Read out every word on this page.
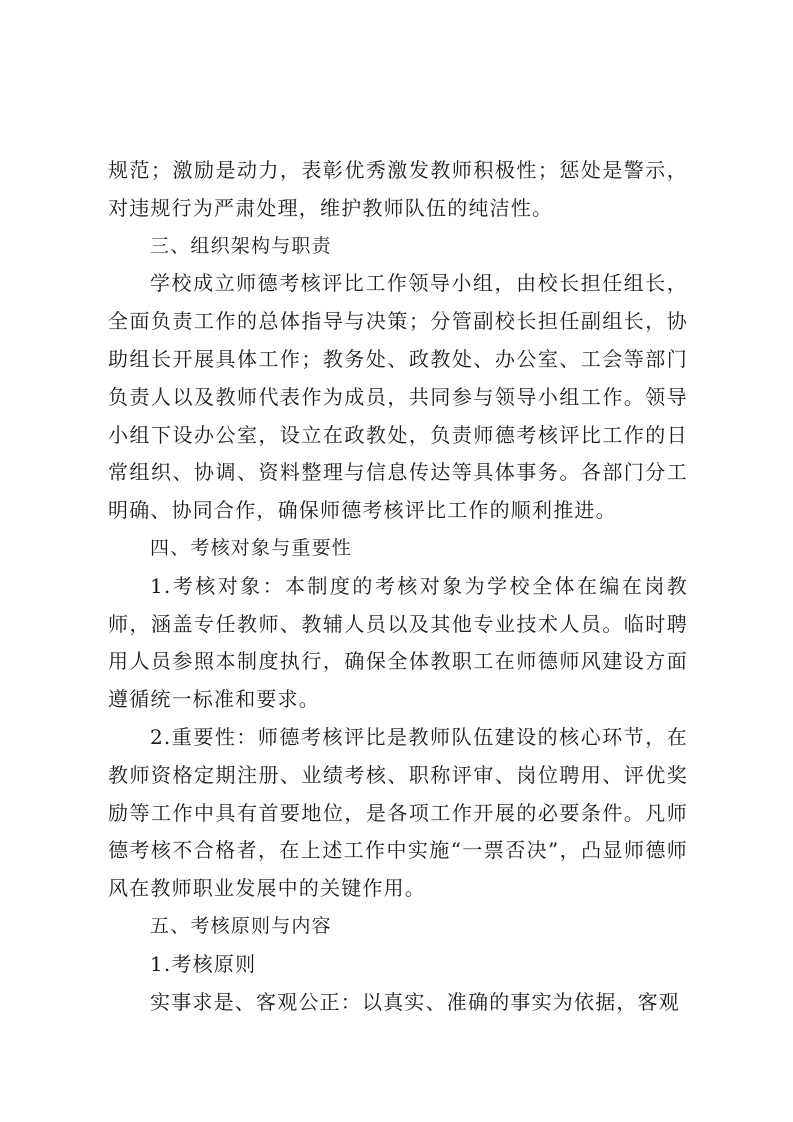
规范；激励是动力，表彰优秀激发教师积极性；惩处是警示，对违规行为严肃处理，维护教师队伍的纯洁性。

三、组织架构与职责

学校成立师德考核评比工作领导小组，由校长担任组长，全面负责工作的总体指导与决策；分管副校长担任副组长，协助组长开展具体工作；教务处、政教处、办公室、工会等部门负责人以及教师代表作为成员，共同参与领导小组工作。领导小组下设办公室，设立在政教处，负责师德考核评比工作的日常组织、协调、资料整理与信息传达等具体事务。各部门分工明确、协同合作，确保师德考核评比工作的顺利推进。

四、考核对象与重要性

1.考核对象：本制度的考核对象为学校全体在编在岗教师，涵盖专任教师、教辅人员以及其他专业技术人员。临时聘用人员参照本制度执行，确保全体教职工在师德师风建设方面遵循统一标准和要求。

2.重要性：师德考核评比是教师队伍建设的核心环节，在教师资格定期注册、业绩考核、职称评审、岗位聘用、评优奖励等工作中具有首要地位，是各项工作开展的必要条件。凡师德考核不合格者，在上述工作中实施“一票否决”，凸显师德师风在教师职业发展中的关键作用。

五、考核原则与内容

1.考核原则

实事求是、客观公正：以真实、准确的事实为依据，客观
